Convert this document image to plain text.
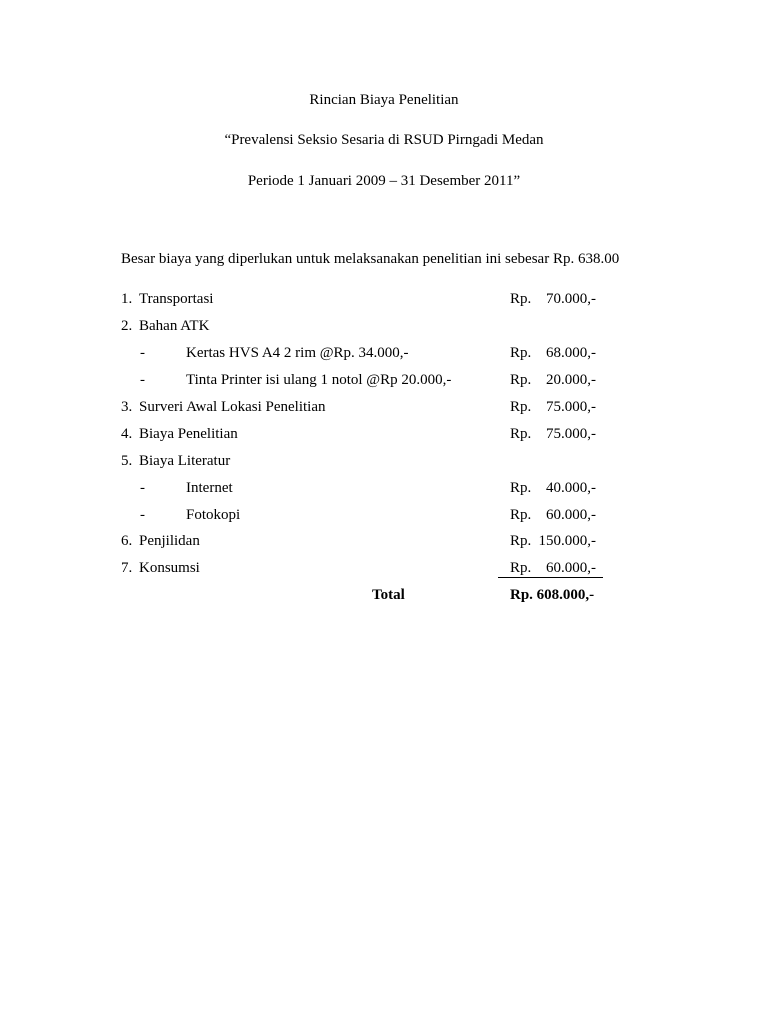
Rincian Biaya Penelitian
“Prevalensi Seksio Sesaria di RSUD Pirngadi Medan
Periode 1 Januari 2009 – 31 Desember 2011”
Besar biaya yang diperlukan untuk melaksanakan penelitian ini sebesar Rp. 638.00
1. Transportasi	Rp. 70.000,-
2. Bahan ATK
-	Kertas HVS A4 2 rim @Rp. 34.000,-	Rp. 68.000,-
-	Tinta Printer isi ulang 1 notol @Rp 20.000,-	Rp. 20.000,-
3. Surveri Awal Lokasi Penelitian	Rp. 75.000,-
4. Biaya Penelitian	Rp. 75.000,-
5. Biaya Literatur
-	Internet	Rp. 40.000,-
-	Fotokopi	Rp. 60.000,-
6. Penjilidan	Rp. 150.000,-
7. Konsumsi	Rp. 60.000,-
Total	Rp. 608.000,-
